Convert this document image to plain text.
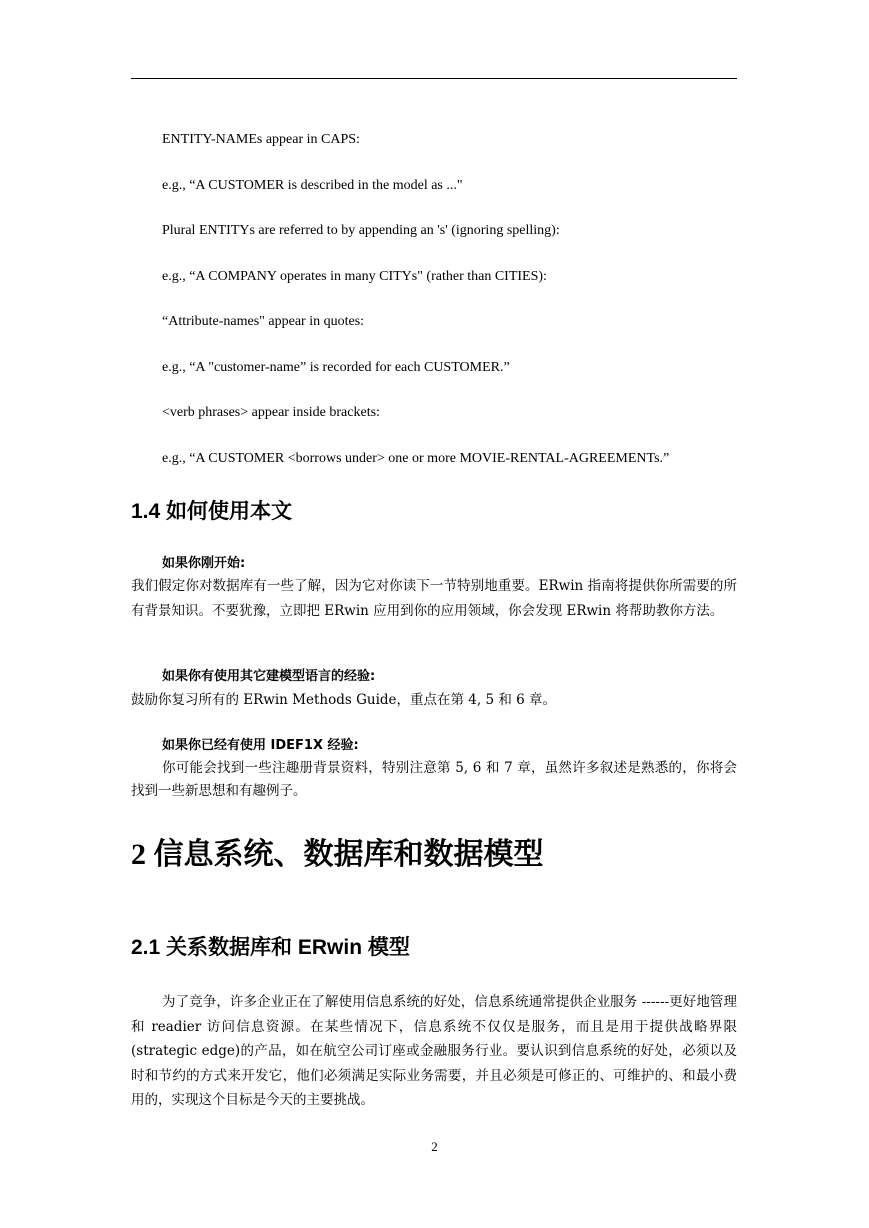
ENTITY-NAMEs appear in CAPS:
e.g., “A CUSTOMER is described in the model as ..."
Plural ENTITYs are referred to by appending an 's' (ignoring spelling):
e.g., “A COMPANY operates in many CITYs" (rather than CITIES):
“Attribute-names" appear in quotes:
e.g., “A "customer-name” is recorded for each CUSTOMER.”
<verb phrases> appear inside brackets:
e.g., “A CUSTOMER <borrows under> one or more MOVIE-RENTAL-AGREEMENTs.”
1.4 如何使用本文
如果你刚开始:
我们假定你对数据库有一些了解，因为它对你读下一节特别地重要。ERwin 指南将提供你所需要的所有背景知识。不要犹豫，立即把 ERwin 应用到你的应用领域，你会发现 ERwin 将帮助教你方法。
如果你有使用其它建模型语言的经验:
鼓励你复习所有的 ERwin Methods Guide，重点在第 4, 5 和 6 章。
如果你已经有使用 IDEF1X 经验:
你可能会找到一些注趣册背景资料，特别注意第 5, 6 和 7 章，虽然许多叙述是熟悉的，你将会找到一些新思想和有趣例子。
2 信息系统、数据库和数据模型
2.1 关系数据库和 ERwin 模型
为了竞争，许多企业正在了解使用信息系统的好处，信息系统通常提供企业服务 ------更好地管理和 readier 访问信息资源。在某些情况下，信息系统不仅仅是服务，而且是用于提供战略界限(strategic edge)的产品，如在航空公司订座或金融服务行业。要认识到信息系统的好处，必须以及时和节约的方式来开发它，他们必须满足实际业务需要，并且必须是可修正的、可维护的、和最小费用的，实现这个目标是今天的主要挑战。
2
